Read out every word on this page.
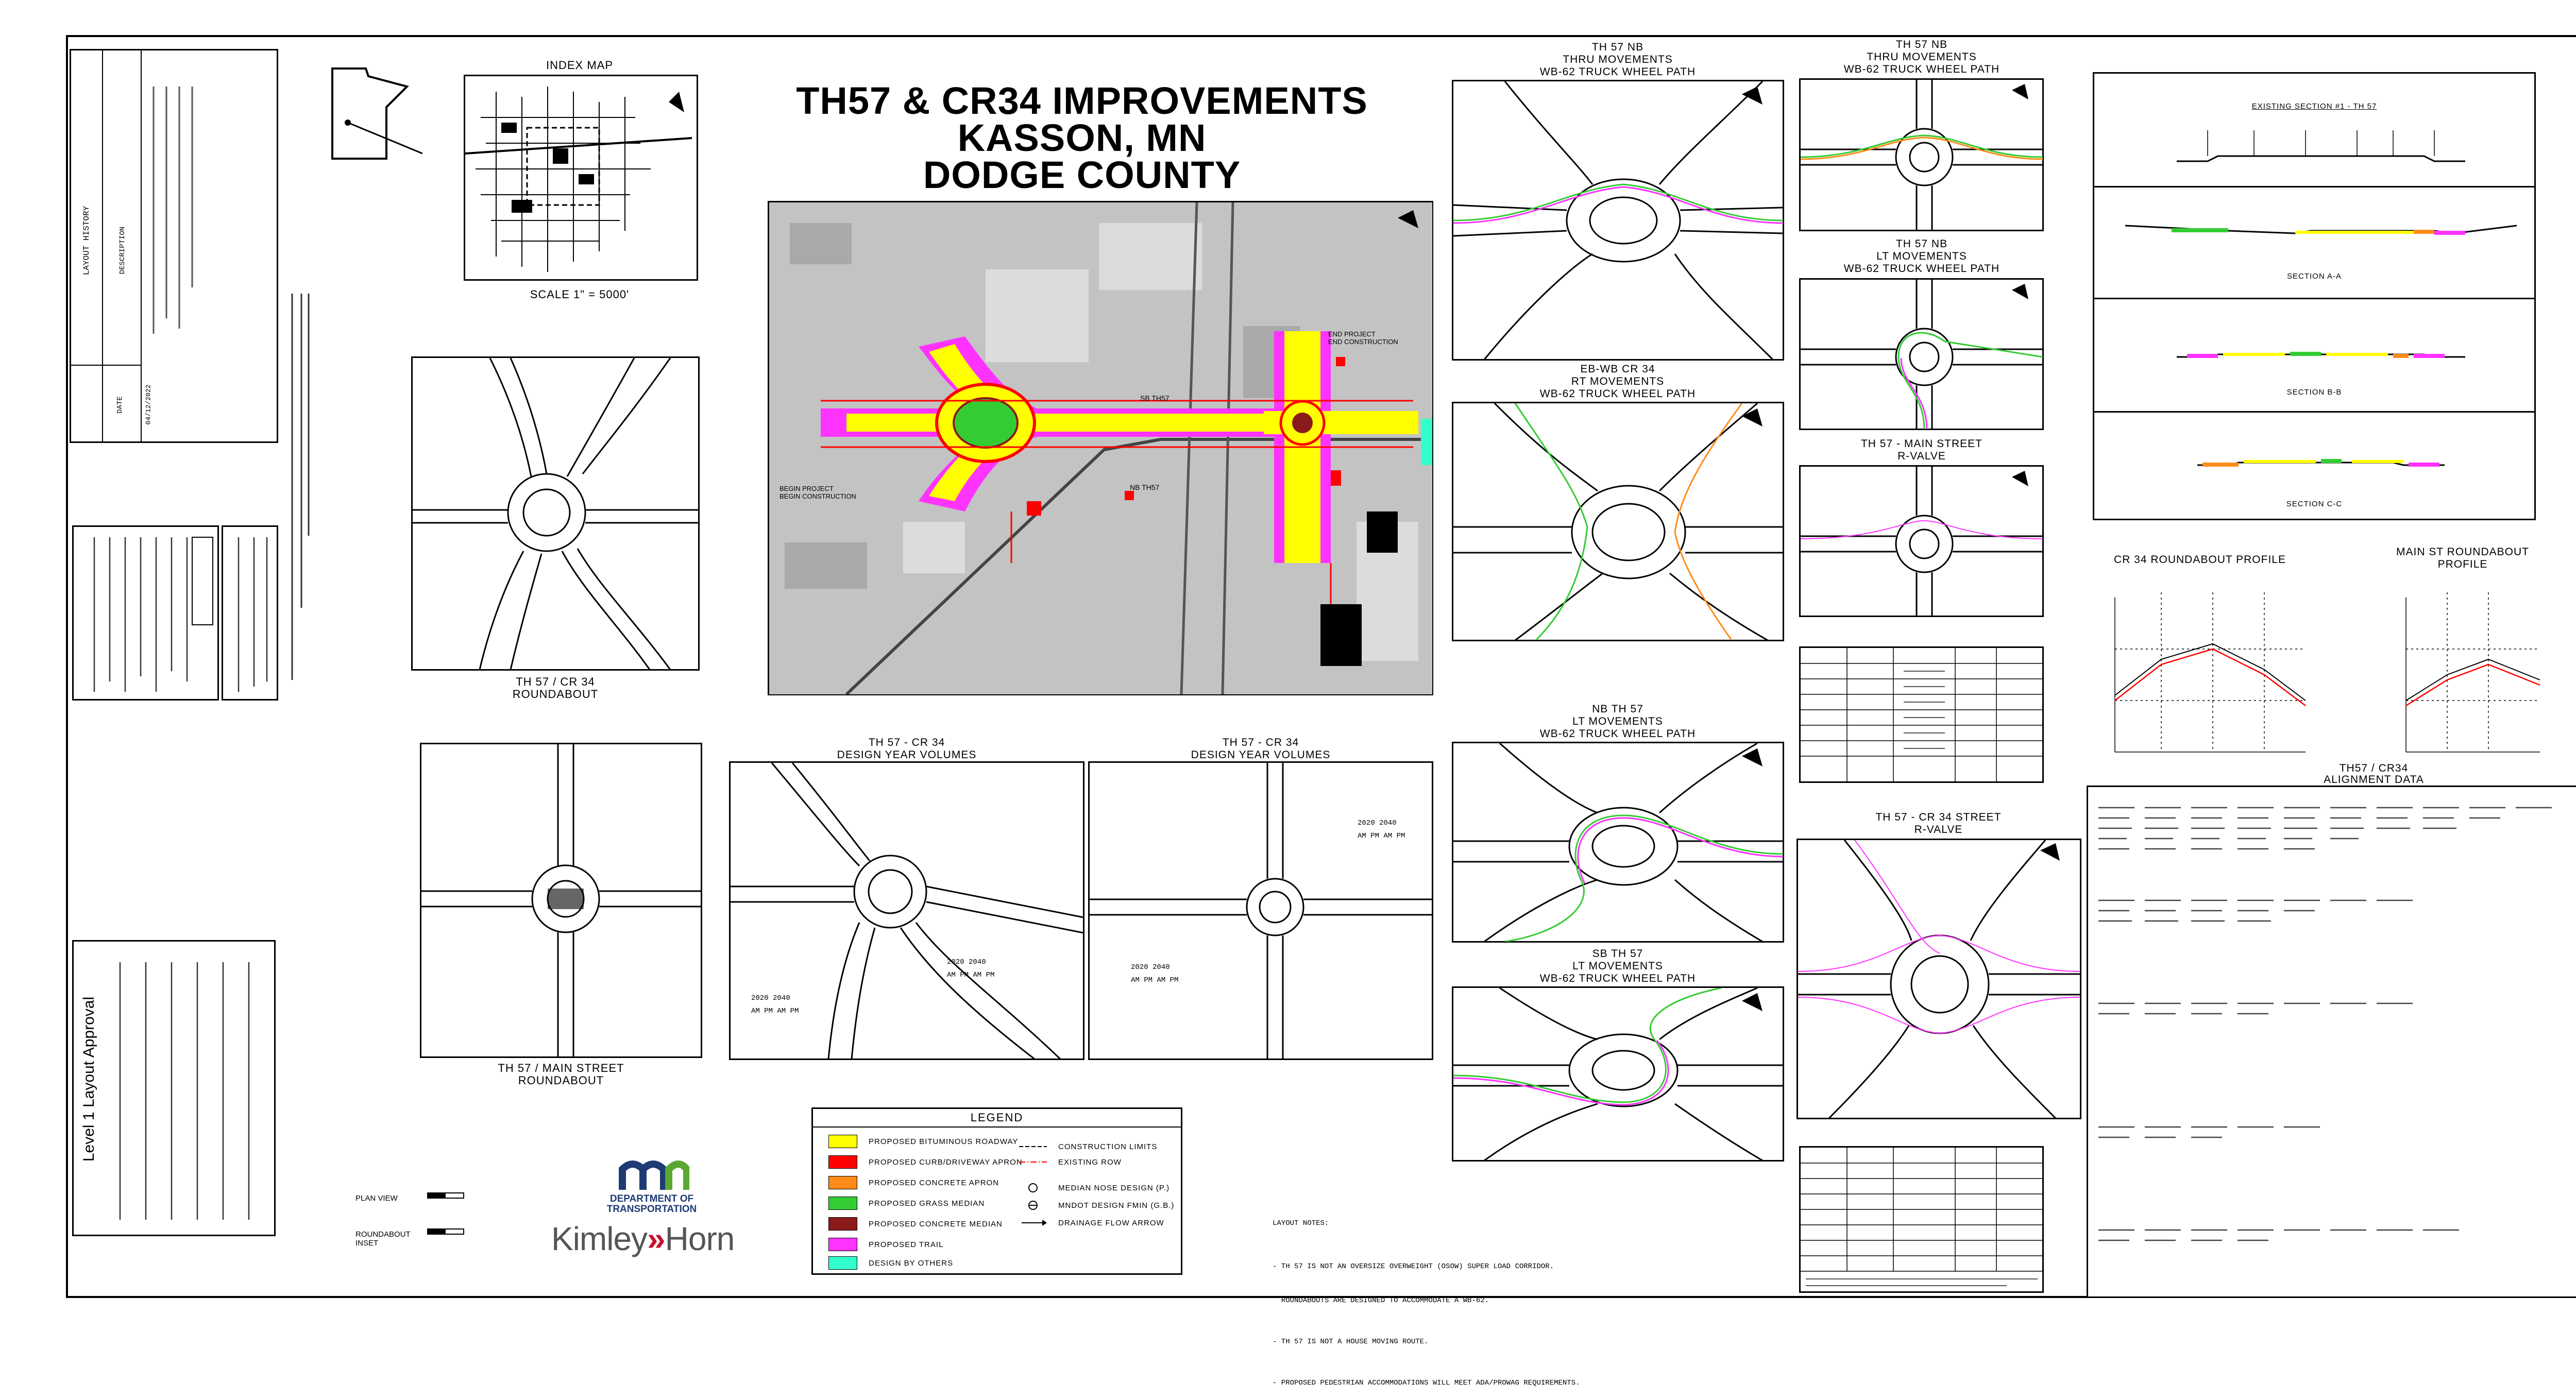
LAYOUT HISTORY	DESCRIPTION
DATE	04/12/2022
Level 1 Layout Approval
INDEX MAP
SCALE 1" = 5000'
TH 57 / CR 34
ROUNDABOUT
TH 57 / MAIN STREET
ROUNDABOUT
PLAN VIEW
ROUNDABOUT
INSET
DEPARTMENT OF
TRANSPORTATION
Kimley»Horn
TH57 & CR34 IMPROVEMENTS
KASSON, MN
DODGE COUNTY
BEGIN PROJECT
BEGIN CONSTRUCTION
END PROJECT
END CONSTRUCTION
SB TH57
NB TH57
TH 57 - CR 34
DESIGN YEAR VOLUMES
2020 2040
AM PM AM PM
2020 2040
AM PM AM PM
TH 57 - CR 34
DESIGN YEAR VOLUMES
2020 2040
AM PM AM PM
2020 2040
AM PM AM PM
LEGEND
PROPOSED BITUMINOUS ROADWAY
PROPOSED CURB/DRIVEWAY APRON
PROPOSED CONCRETE APRON
PROPOSED GRASS MEDIAN
PROPOSED CONCRETE MEDIAN
PROPOSED TRAIL
DESIGN BY OTHERS
CONSTRUCTION LIMITS
EXISTING ROW
MEDIAN NOSE DESIGN (P.)
MNDOT DESIGN FMIN (G.B.)
DRAINAGE FLOW ARROW

	LAYOUT NOTES:

- TH 57 IS NOT AN OVERSIZE OVERWEIGHT (OSOW) SUPER LOAD CORRIDOR.

ROUNDABOUTS ARE DESIGNED TO ACCOMMODATE A WB-62.

- TH 57 IS NOT A HOUSE MOVING ROUTE.

- PROPOSED PEDESTRIAN ACCOMMODATIONS WILL MEET ADA/PROWAG REQUIREMENTS.

TH 57 NB
THRU MOVEMENTS
WB-62 TRUCK WHEEL PATH
EB-WB CR 34
RT MOVEMENTS
WB-62 TRUCK WHEEL PATH
NB TH 57
LT MOVEMENTS
WB-62 TRUCK WHEEL PATH
SB TH 57
LT MOVEMENTS
WB-62 TRUCK WHEEL PATH
TH 57 NB
THRU MOVEMENTS
WB-62 TRUCK WHEEL PATH
TH 57 NB
LT MOVEMENTS
WB-62 TRUCK WHEEL PATH
TH 57 - MAIN STREET
R-VALVE
TH 57 - CR 34 STREET
R-VALVE
EXISTING SECTION #1 - TH 57
SECTION A-A
SECTION B-B
SECTION C-C
CR 34 ROUNDABOUT PROFILE
MAIN ST ROUNDABOUT
PROFILE
TH57 / CR34
ALIGNMENT DATA
